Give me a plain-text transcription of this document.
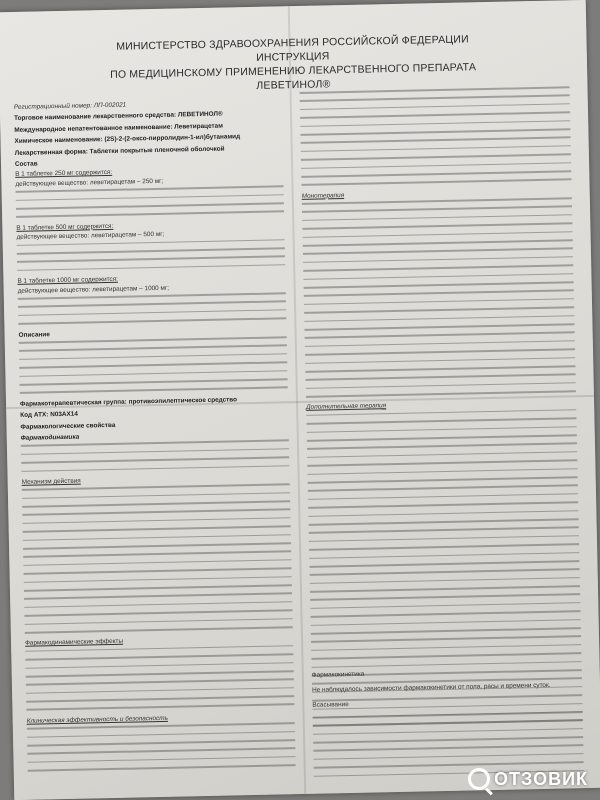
МИНИСТЕРСТВО ЗДРАВООХРАНЕНИЯ РОССИЙСКОЙ ФЕДЕРАЦИИ
ИНСТРУКЦИЯ
ПО МЕДИЦИНСКОМУ ПРИМЕНЕНИЮ ЛЕКАРСТВЕННОГО ПРЕПАРАТА
ЛЕВЕТИНОЛ®

Регистрационный номер: ЛП-002021

Торговое наименование лекарственного средства: ЛЕВЕТИНОЛ®

Международное непатентованное наименование: Леветирацетам

Химическое наименование: (2S)-2-(2-оксо-пирролидин-1-ил)бутанамид

Лекарственная форма: Таблетки покрытые пленочной оболочкой

Состав

В 1 таблетке 250 мг содержится:

действующее вещество: леветирацетам – 250 мг;

В 1 таблетке 500 мг содержится:

действующее вещество: леветирацетам – 500 мг;

В 1 таблетке 1000 мг содержится:

действующее вещество: леветирацетам – 1000 мг;

Описание

Фармакотерапевтическая группа: противоэпилептическое средство

Код АТХ: N03AX14

Фармакологические свойства

Фармакодинамика

Механизм действия

Фармакодинамические эффекты

Клиническая эффективность и безопасность

Монотерапия

Дополнительная терапия

Фармакокинетика

Не наблюдалось зависимости фармакокинетики от пола, расы и времени суток.

Всасывание

ОТЗОВИК
